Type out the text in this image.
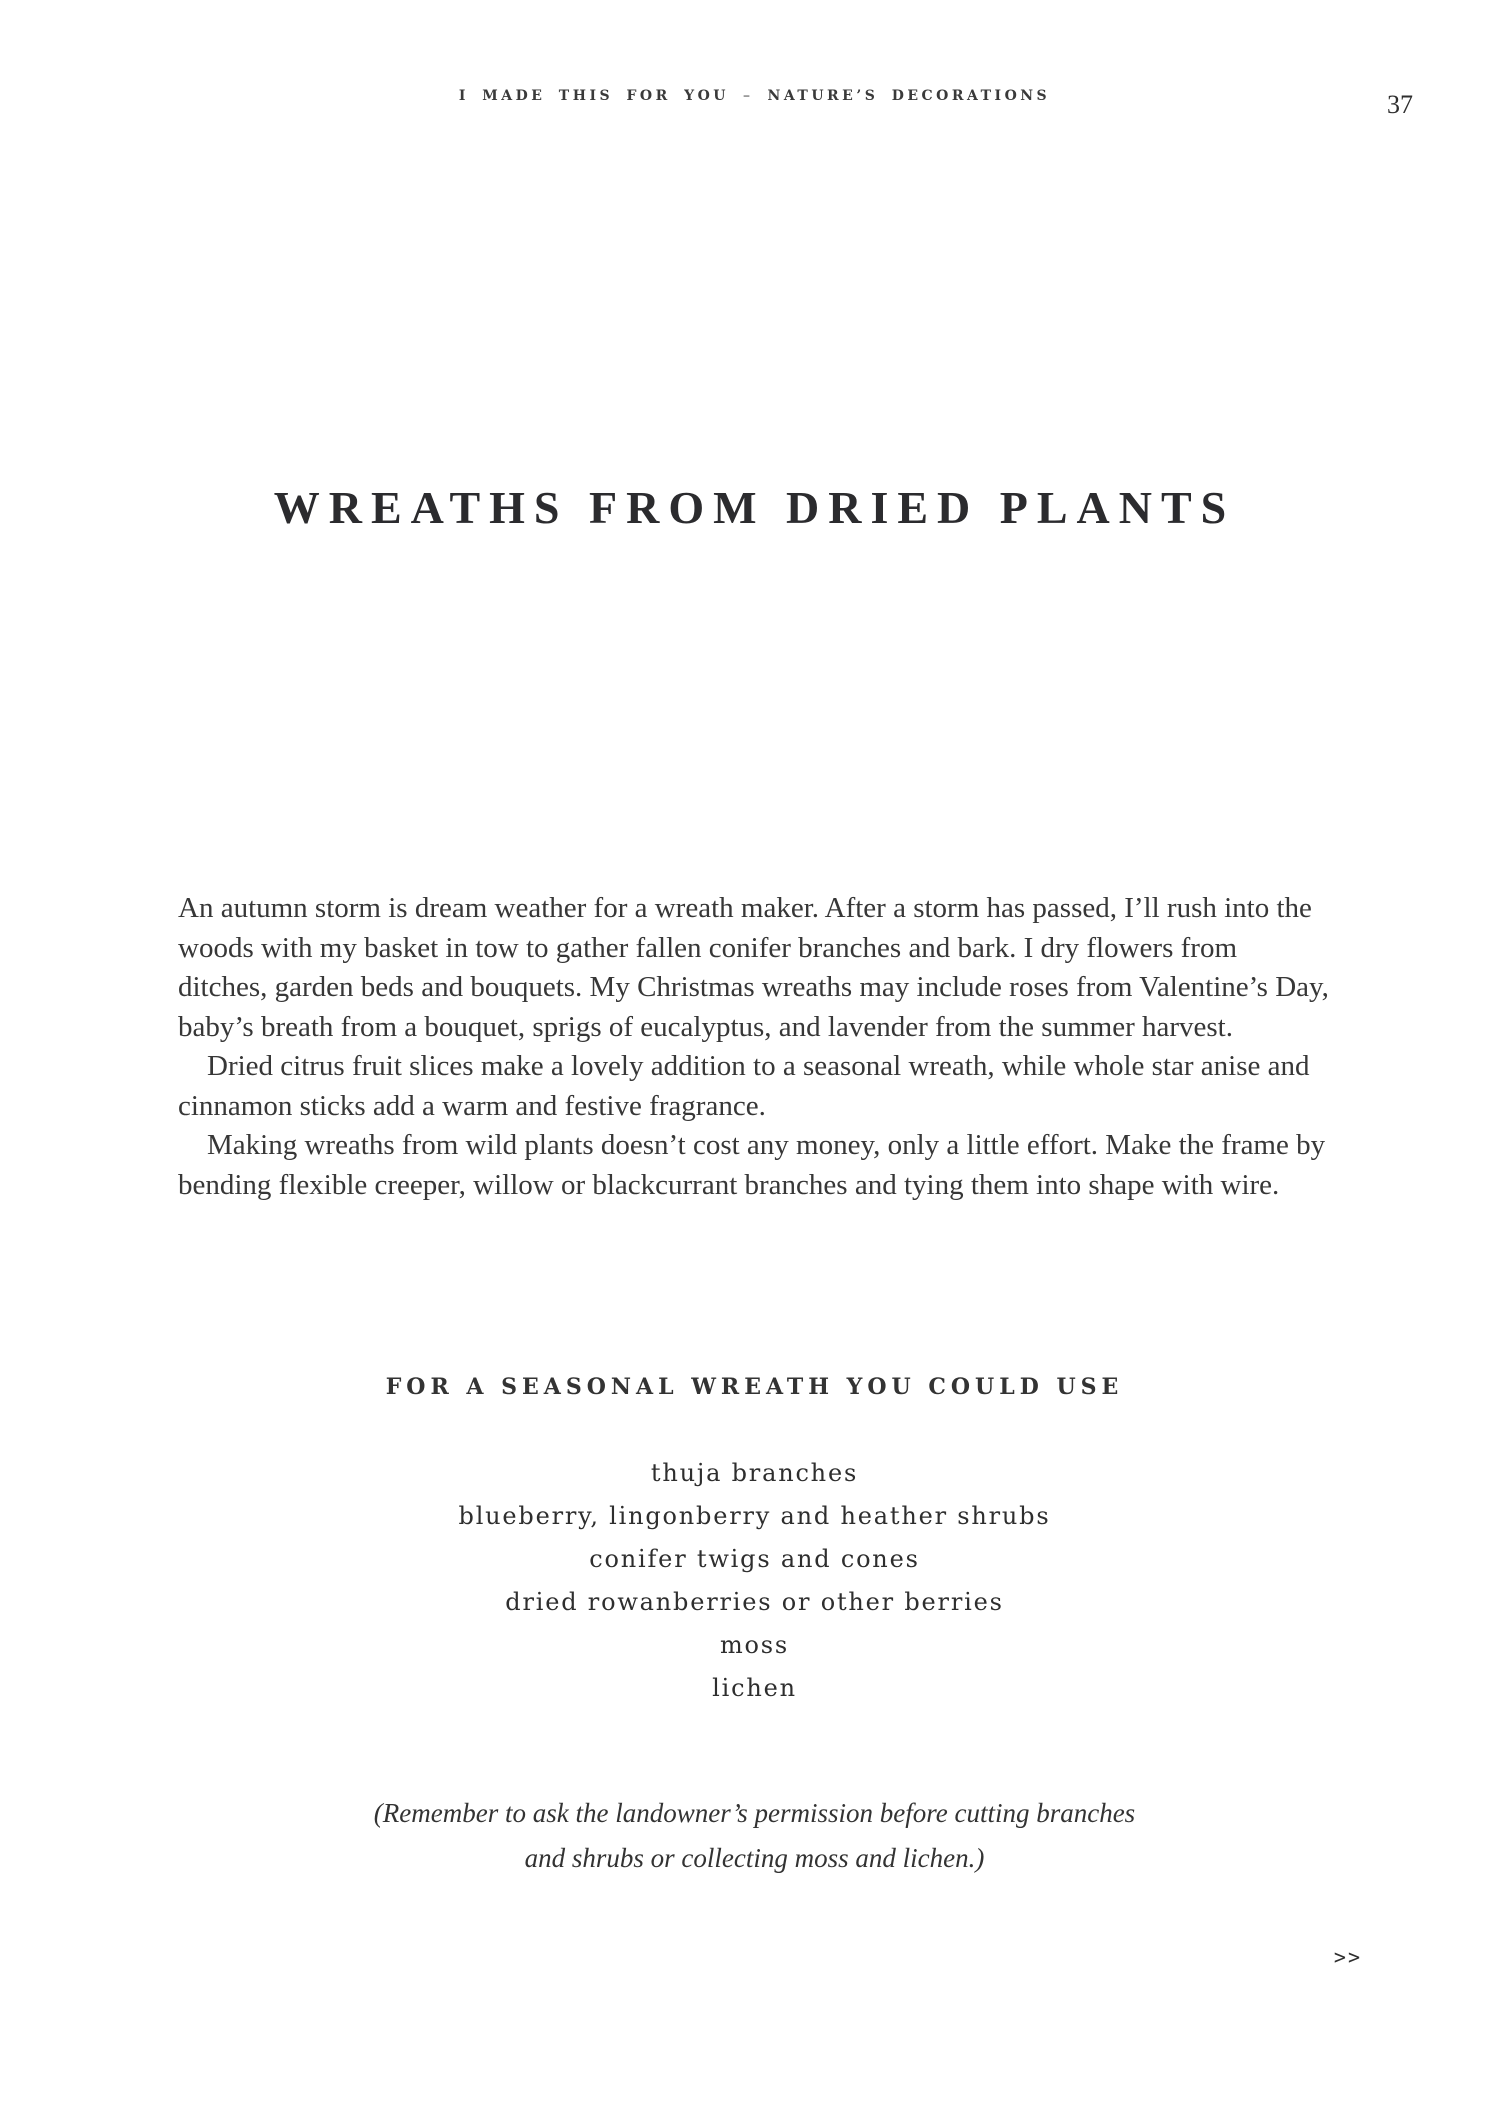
I MADE THIS FOR YOU – NATURE’S DECORATIONS	37
WREATHS FROM DRIED PLANTS

An autumn storm is dream weather for a wreath maker. After a storm has passed, I’ll rush into the woods with my basket in tow to gather fallen conifer branches and bark. I dry flowers from ditches, garden beds and bouquets. My Christmas wreaths may include roses from Valentine’s Day, baby’s breath from a bouquet, sprigs of eucalyptus, and lavender from the summer harvest.

Dried citrus fruit slices make a lovely addition to a seasonal wreath, while whole star anise and cinnamon sticks add a warm and festive fragrance.

Making wreaths from wild plants doesn’t cost any money, only a little effort. Make the frame by bending flexible creeper, willow or blackcurrant branches and tying them into shape with wire.

FOR A SEASONAL WREATH YOU COULD USE
thuja branches
blueberry, lingonberry and heather shrubs
conifer twigs and cones
dried rowanberries or other berries
moss
lichen
(Remember to ask the landowner’s permission before cutting branches
and shrubs or collecting moss and lichen.)
>>
